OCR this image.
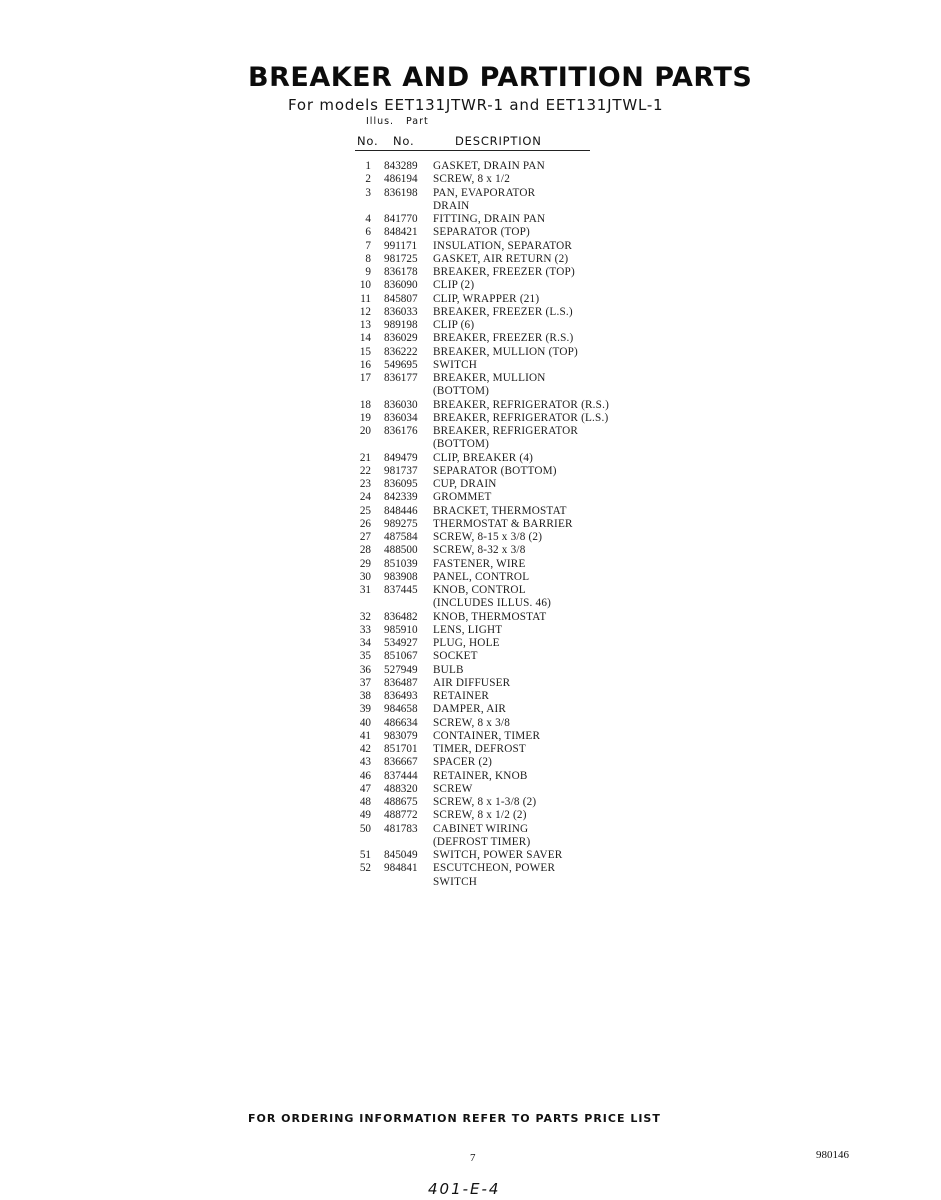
BREAKER AND PARTITION PARTS
For models EET131JTWR-1 and EET131JTWL-1
Illus. Part
No. No.	DESCRIPTION
1 843289 GASKET, DRAIN PAN
2 486194 SCREW, 8 x 1/2
3 836198 PAN, EVAPORATOR
DRAIN
4 841770 FITTING, DRAIN PAN
6 848421 SEPARATOR (TOP)
7 991171 INSULATION, SEPARATOR
8 981725 GASKET, AIR RETURN (2)
9 836178 BREAKER, FREEZER (TOP)
10 836090 CLIP (2)
11 845807 CLIP, WRAPPER (21)
12 836033 BREAKER, FREEZER (L.S.)
13 989198 CLIP (6)
14 836029 BREAKER, FREEZER (R.S.)
15 836222 BREAKER, MULLION (TOP)
16 549695 SWITCH
17 836177 BREAKER, MULLION
(BOTTOM)
18 836030 BREAKER, REFRIGERATOR (R.S.)
19 836034 BREAKER, REFRIGERATOR (L.S.)
20 836176 BREAKER, REFRIGERATOR
(BOTTOM)
21 849479 CLIP, BREAKER (4)
22 981737 SEPARATOR (BOTTOM)
23 836095 CUP, DRAIN
24 842339 GROMMET
25 848446 BRACKET, THERMOSTAT
26 989275 THERMOSTAT & BARRIER
27 487584 SCREW, 8-15 x 3/8 (2)
28 488500 SCREW, 8-32 x 3/8
29 851039 FASTENER, WIRE
30 983908 PANEL, CONTROL
31 837445 KNOB, CONTROL
(INCLUDES ILLUS. 46)
32 836482 KNOB, THERMOSTAT
33 985910 LENS, LIGHT
34 534927 PLUG, HOLE
35 851067 SOCKET
36 527949 BULB
37 836487 AIR DIFFUSER
38 836493 RETAINER
39 984658 DAMPER, AIR
40 486634 SCREW, 8 x 3/8
41 983079 CONTAINER, TIMER
42 851701 TIMER, DEFROST
43 836667 SPACER (2)
46 837444 RETAINER, KNOB
47 488320 SCREW
48 488675 SCREW, 8 x 1-3/8 (2)
49 488772 SCREW, 8 x 1/2 (2)
50 481783 CABINET WIRING
(DEFROST TIMER)
51 845049 SWITCH, POWER SAVER
52 984841 ESCUTCHEON, POWER
SWITCH
FOR ORDERING INFORMATION REFER TO PARTS PRICE LIST
7	980146
401-E-4
